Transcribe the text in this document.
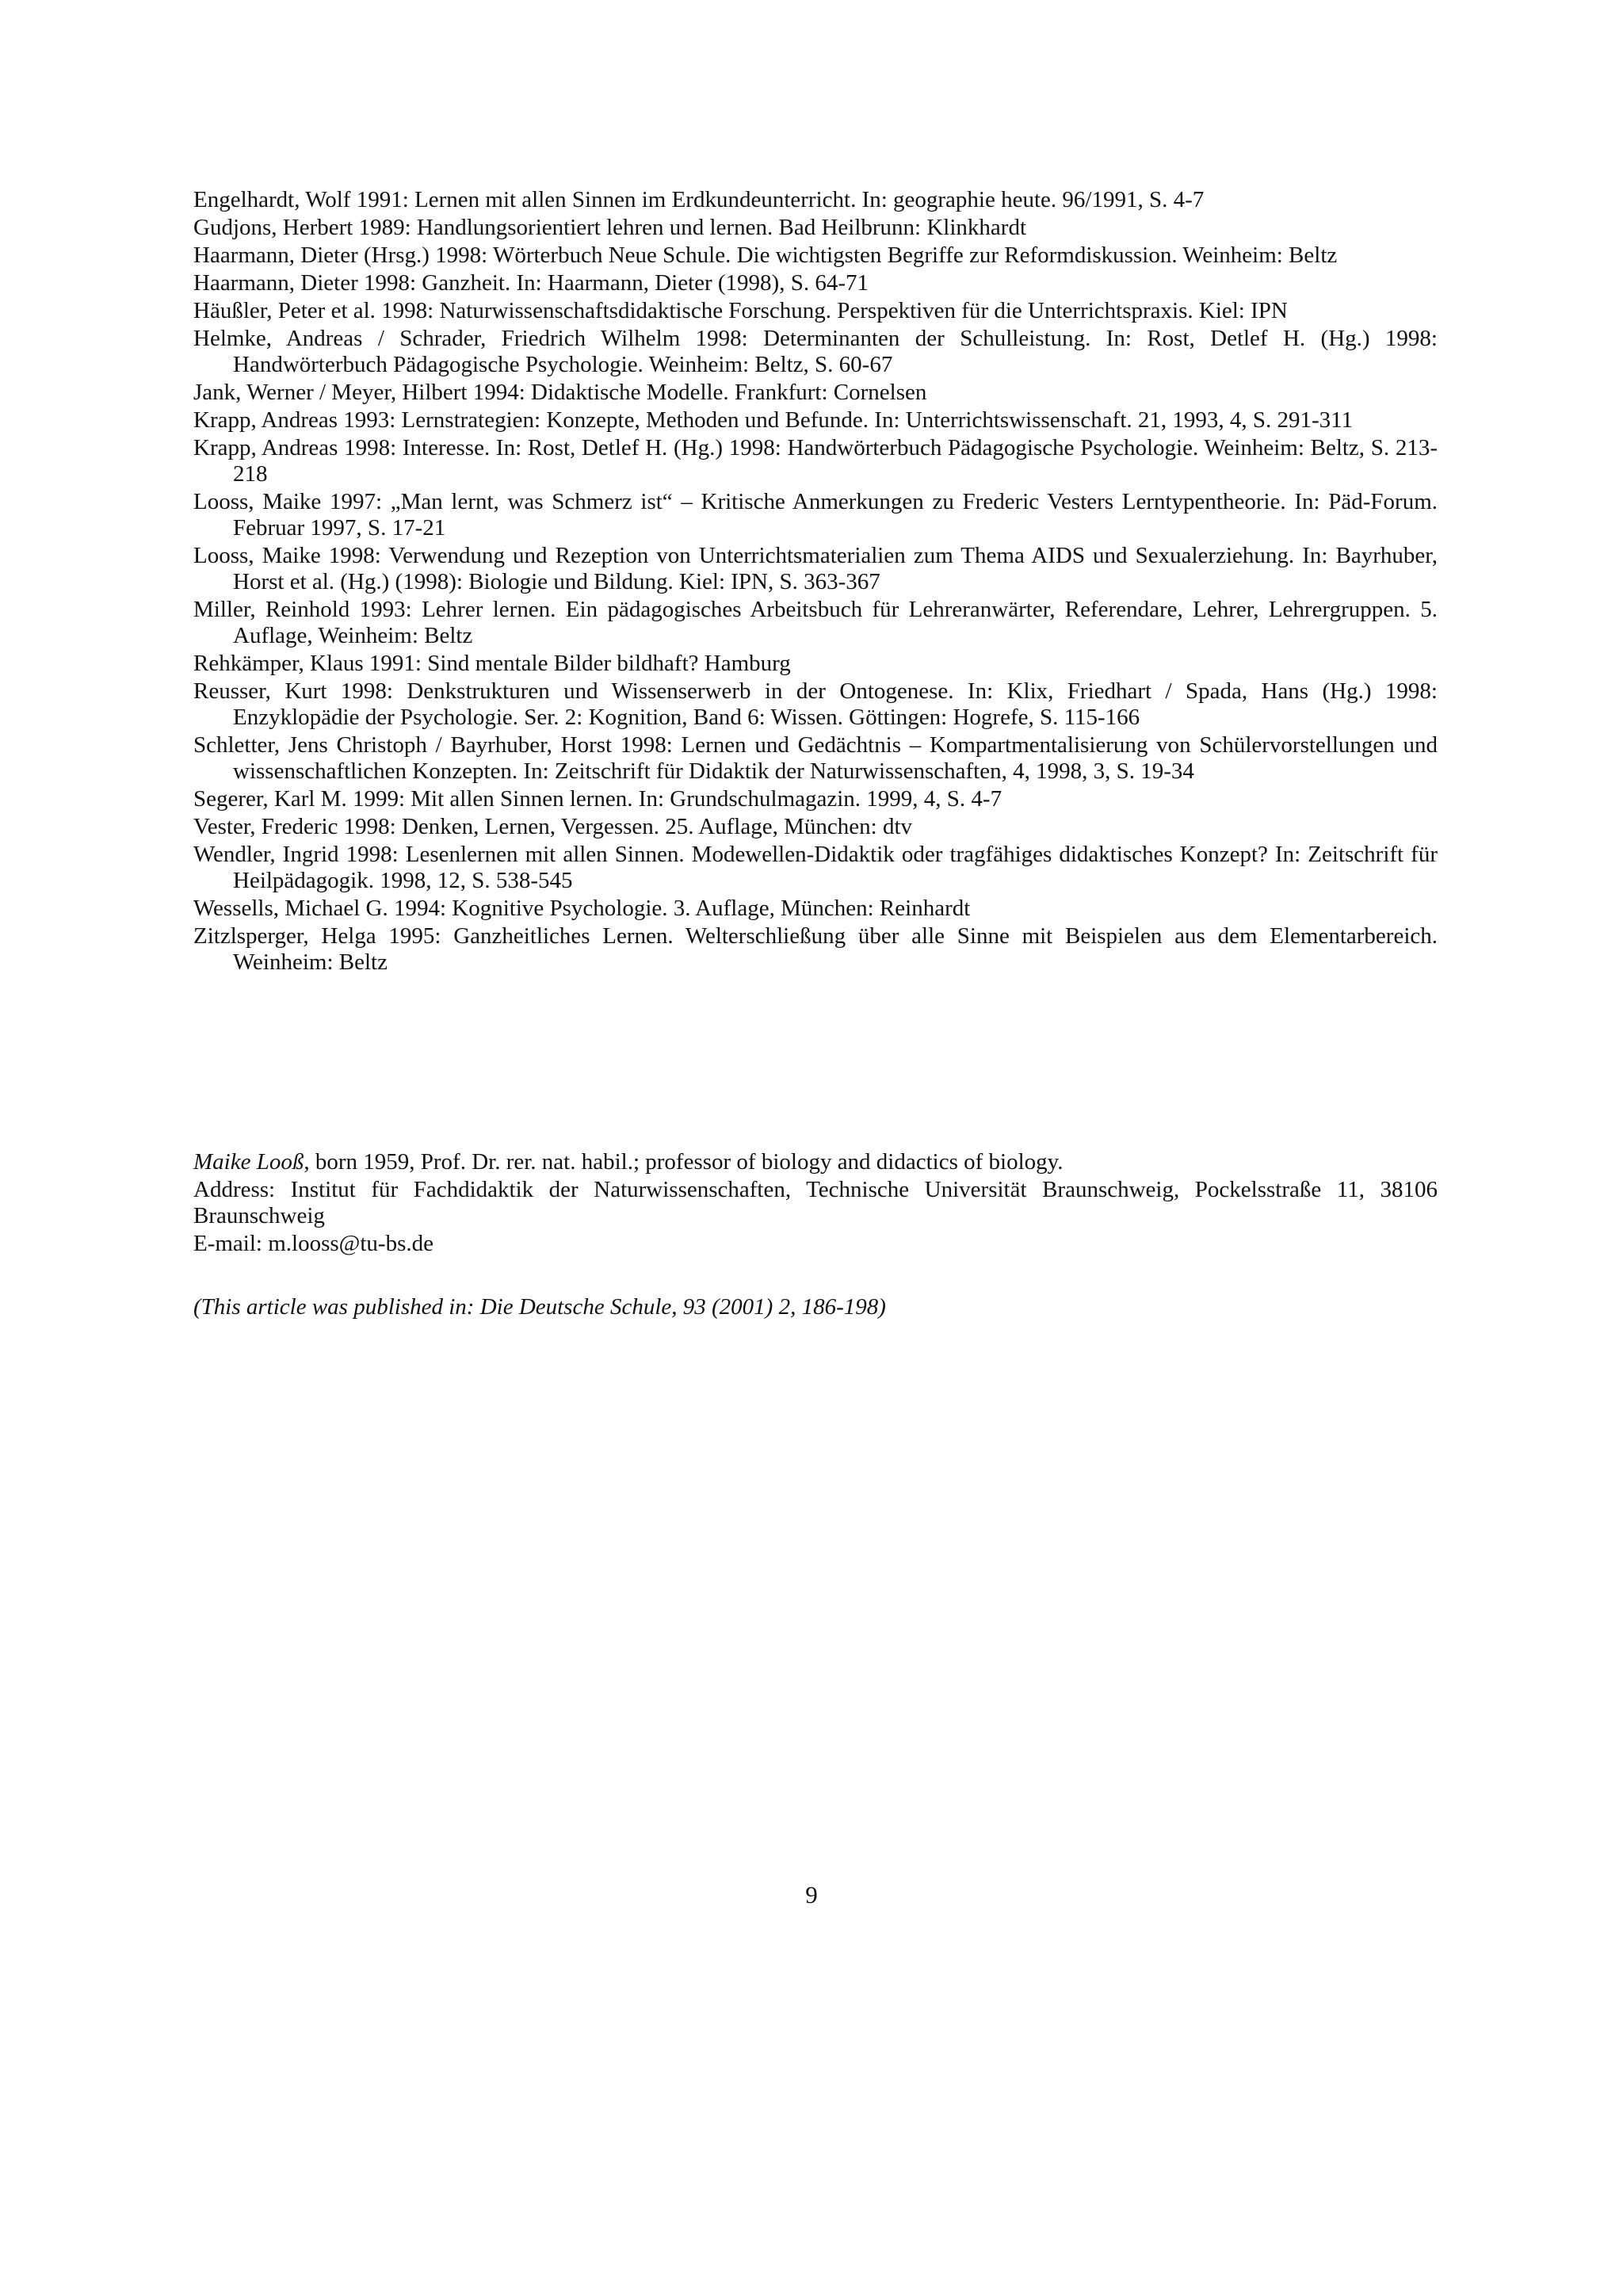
Engelhardt, Wolf 1991: Lernen mit allen Sinnen im Erdkundeunterricht. In: geographie heute. 96/1991, S. 4-7
Gudjons, Herbert 1989: Handlungsorientiert lehren und lernen. Bad Heilbrunn: Klinkhardt
Haarmann, Dieter (Hrsg.) 1998: Wörterbuch Neue Schule. Die wichtigsten Begriffe zur Reformdiskussion. Weinheim: Beltz
Haarmann, Dieter 1998: Ganzheit. In: Haarmann, Dieter (1998), S. 64-71
Häußler, Peter et al. 1998: Naturwissenschaftsdidaktische Forschung. Perspektiven für die Unterrichtspraxis. Kiel: IPN
Helmke, Andreas / Schrader, Friedrich Wilhelm 1998: Determinanten der Schulleistung. In: Rost, Detlef H. (Hg.) 1998: Handwörterbuch Pädagogische Psychologie. Weinheim: Beltz, S. 60-67
Jank, Werner / Meyer, Hilbert 1994: Didaktische Modelle. Frankfurt: Cornelsen
Krapp, Andreas 1993: Lernstrategien: Konzepte, Methoden und Befunde. In: Unterrichtswissenschaft. 21, 1993, 4, S. 291-311
Krapp, Andreas 1998: Interesse. In: Rost, Detlef H. (Hg.) 1998: Handwörterbuch Pädagogische Psychologie. Weinheim: Beltz, S. 213-218
Looss, Maike 1997: „Man lernt, was Schmerz ist“ – Kritische Anmerkungen zu Frederic Vesters Lerntypentheorie. In: Päd-Forum. Februar 1997, S. 17-21
Looss, Maike 1998: Verwendung und Rezeption von Unterrichtsmaterialien zum Thema AIDS und Sexualerziehung. In: Bayrhuber, Horst et al. (Hg.) (1998): Biologie und Bildung. Kiel: IPN, S. 363-367
Miller, Reinhold 1993: Lehrer lernen. Ein pädagogisches Arbeitsbuch für Lehreranwärter, Referendare, Lehrer, Lehrergruppen. 5. Auflage, Weinheim: Beltz
Rehkämper, Klaus 1991: Sind mentale Bilder bildhaft? Hamburg
Reusser, Kurt 1998: Denkstrukturen und Wissenserwerb in der Ontogenese. In: Klix, Friedhart / Spada, Hans (Hg.) 1998: Enzyklopädie der Psychologie. Ser. 2: Kognition, Band 6: Wissen. Göttingen: Hogrefe, S. 115-166
Schletter, Jens Christoph / Bayrhuber, Horst 1998: Lernen und Gedächtnis – Kompartmentalisierung von Schülervorstellungen und wissenschaftlichen Konzepten. In: Zeitschrift für Didaktik der Naturwissenschaften, 4, 1998, 3, S. 19-34
Segerer, Karl M. 1999: Mit allen Sinnen lernen. In: Grundschulmagazin. 1999, 4, S. 4-7
Vester, Frederic 1998: Denken, Lernen, Vergessen. 25. Auflage, München: dtv
Wendler, Ingrid 1998: Lesenlernen mit allen Sinnen. Modewellen-Didaktik oder tragfähiges didaktisches Konzept? In: Zeitschrift für Heilpädagogik. 1998, 12, S. 538-545
Wessells, Michael G. 1994: Kognitive Psychologie. 3. Auflage, München: Reinhardt
Zitzlsperger, Helga 1995: Ganzheitliches Lernen. Welterschließung über alle Sinne mit Beispielen aus dem Elementarbereich. Weinheim: Beltz
Maike Looß, born 1959, Prof. Dr. rer. nat. habil.; professor of biology and didactics of biology.
Address: Institut für Fachdidaktik der Naturwissenschaften, Technische Universität Braunschweig, Pockelsstraße 11, 38106 Braunschweig
E-mail: m.looss@tu-bs.de
(This article was published in: Die Deutsche Schule, 93 (2001) 2, 186-198)
9
